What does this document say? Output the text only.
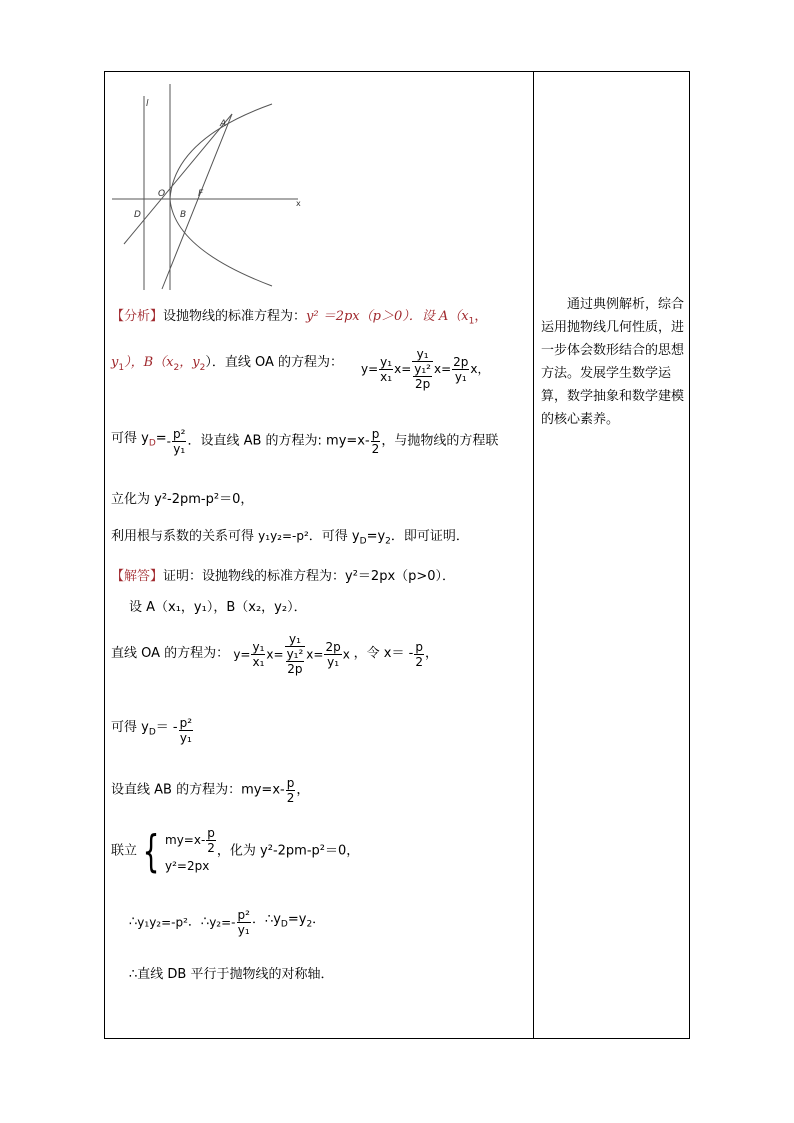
A
O	F
D	B
l
x
【分析】设抛物线的标准方程为：y² ＝2px（p＞0）．设 $A(x_1$，
$y_1$），$B(x_2$，$y_2$）．直线 OA 的方程为： $y= \frac{\text{y₁}}{\text{x₁}} x= y_1$
y₁²
2p $x= \frac{2p}{\text{y₁}}$ x，
可得 $y_D=- \frac{\text{p²}}{\text{y₁}}$ ．设直线 AB 的方程为: $my=x- \frac{p}{2}$ ，与抛物线的方程联
立化为 y²-2pm-p²＝0，
利用根与系数的关系可得 y₁y₂=-p²．可得 $y_D=y_2$．即可证明．
【解答】证明：设抛物线的标准方程为：y²＝2px（p>0）．
设 A（x₁，y₁），B（x₂，y₂）．
直线 OA 的方程为： $y= \frac{\text{y₁}}{\text{x₁}} x= y_1$
y₁²
2p $x= \frac{2p}{\text{y₁}}$ x ，令 $x= - \frac{p}{2}$ ，
可得 $y_D= - \frac{\text{p²}}{\text{y₁}}$
设直线 AB 的方程为：$my=x- \frac{p}{2}$ ，
联立 { $my=x- \frac{p}{2}$
y²=2px
，化为 y²-2pm-p²＝0，
∴y₁y₂=-p²．∴y₂=- $\frac{\text{p²}}{\text{y₁}}$ ．$\therefore y_D=y_2$．
∴直线 DB 平行于抛物线的对称轴．
通过典例解析，综合运用抛物线几何性质，进一步体会数形结合的思想方法。发展学生数学运算，数学抽象和数学建模的核心素养。
